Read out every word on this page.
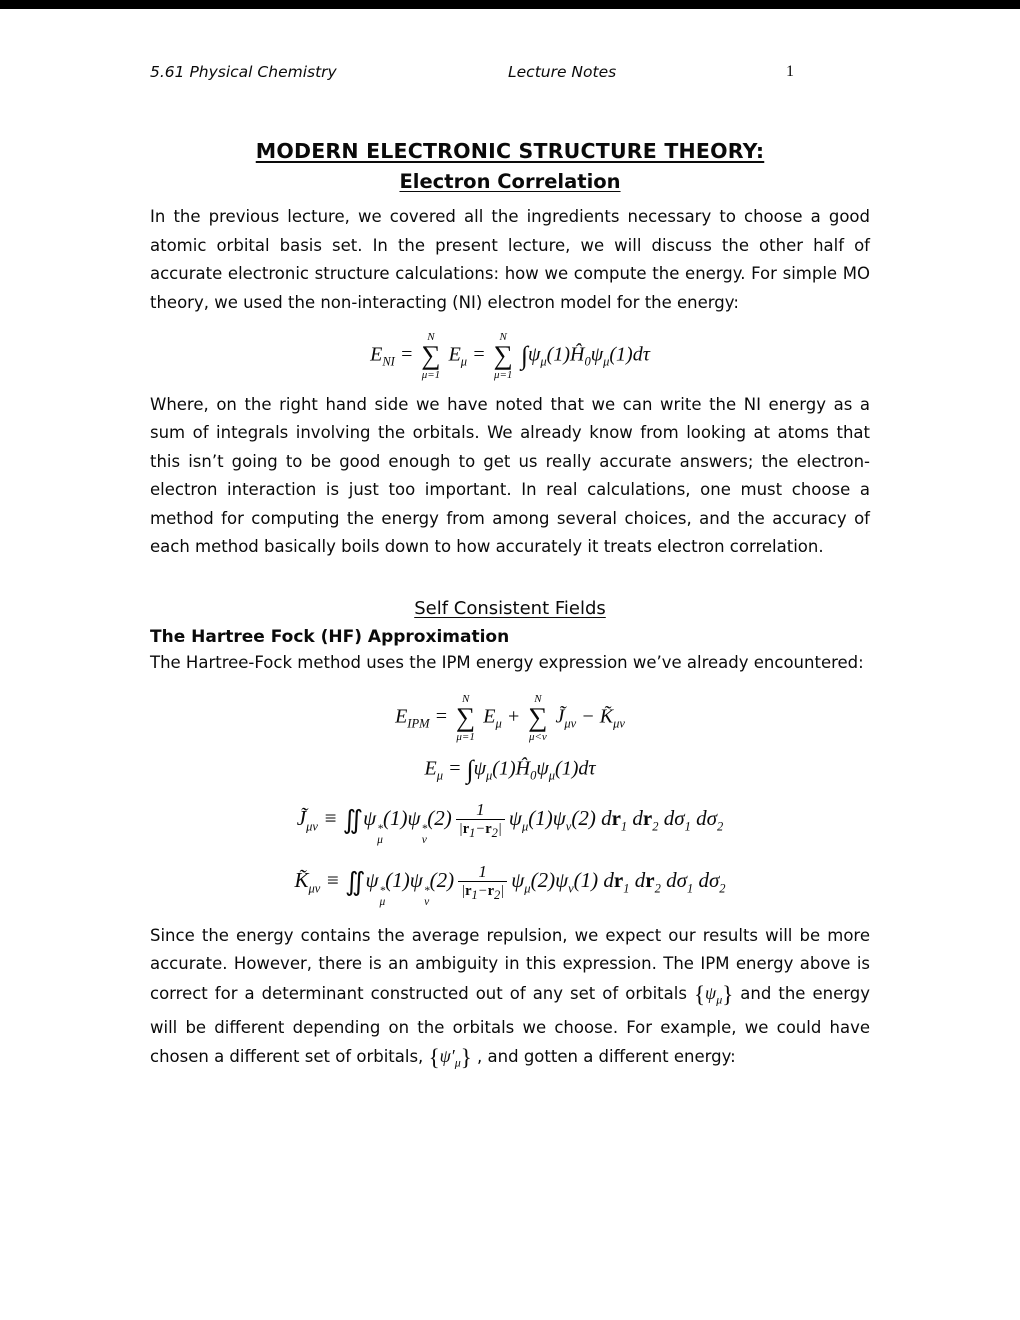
5.61 Physical Chemistry	Lecture Notes	1
MODERN ELECTRONIC STRUCTURE THEORY:
Electron Correlation

In the previous lecture, we covered all the ingredients necessary to choose a good atomic orbital basis set. In the present lecture, we will discuss the other half of accurate electronic structure calculations: how we compute the energy. For simple MO theory, we used the non-interacting (NI) electron model for the energy:

$E_{NI}$ =
N
∑
μ=1
$E_\mu$ =
N
∑
μ=1
$\int\psi_\mu(1)Ĥ_0\psi_\mu(1)d\tau$

Where, on the right hand side we have noted that we can write the NI energy as a sum of integrals involving the orbitals. We already know from looking at atoms that this isn’t going to be good enough to get us really accurate answers; the electron-electron interaction is just too important. In real calculations, one must choose a method for computing the energy from among several choices, and the accuracy of each method basically boils down to how accurately it treats electron correlation.

Self Consistent Fields
The Hartree Fock (HF) Approximation

The Hartree-Fock method uses the IPM energy expression we’ve already encountered:

$E_{IPM}$ =
N
∑
μ=1
$E_\mu$ +
N
∑
μ<ν
$J̃_{\mu\nu}$ − $K̃_{\mu\nu}$
$E_\mu$ = $\int\psi_\mu(1)Ĥ_0\psi_\mu(1)d\tau$
$J̃_{\mu\nu}$ ≡ ∬ψ *
μ
(1)ψ *
ν
$(2) \frac{1}{|r_1-r_2|} \psi_\mu(1)\psi_\nu(2)$ $dr_1$ $dr_2$ $d\sigma_1$ $d\sigma_2$
$K̃_{\mu\nu}$ ≡ ∬ψ *
μ
(1)ψ *
ν
$(2) \frac{1}{|r_1-r_2|} \psi_\mu(2)\psi_\nu(1)$ $dr_1$ $dr_2$ $d\sigma_1$ $d\sigma_2$

Since the energy contains the average repulsion, we expect our results will be more accurate. However, there is an ambiguity in this expression. The IPM energy above is correct for a determinant constructed out of any set of orbitals $\{\psi_\mu\}$ and the energy will be different depending on the orbitals we choose. For example, we could have chosen a different set of orbitals, $\{\psi'_\mu\}$ , and gotten a different energy:
